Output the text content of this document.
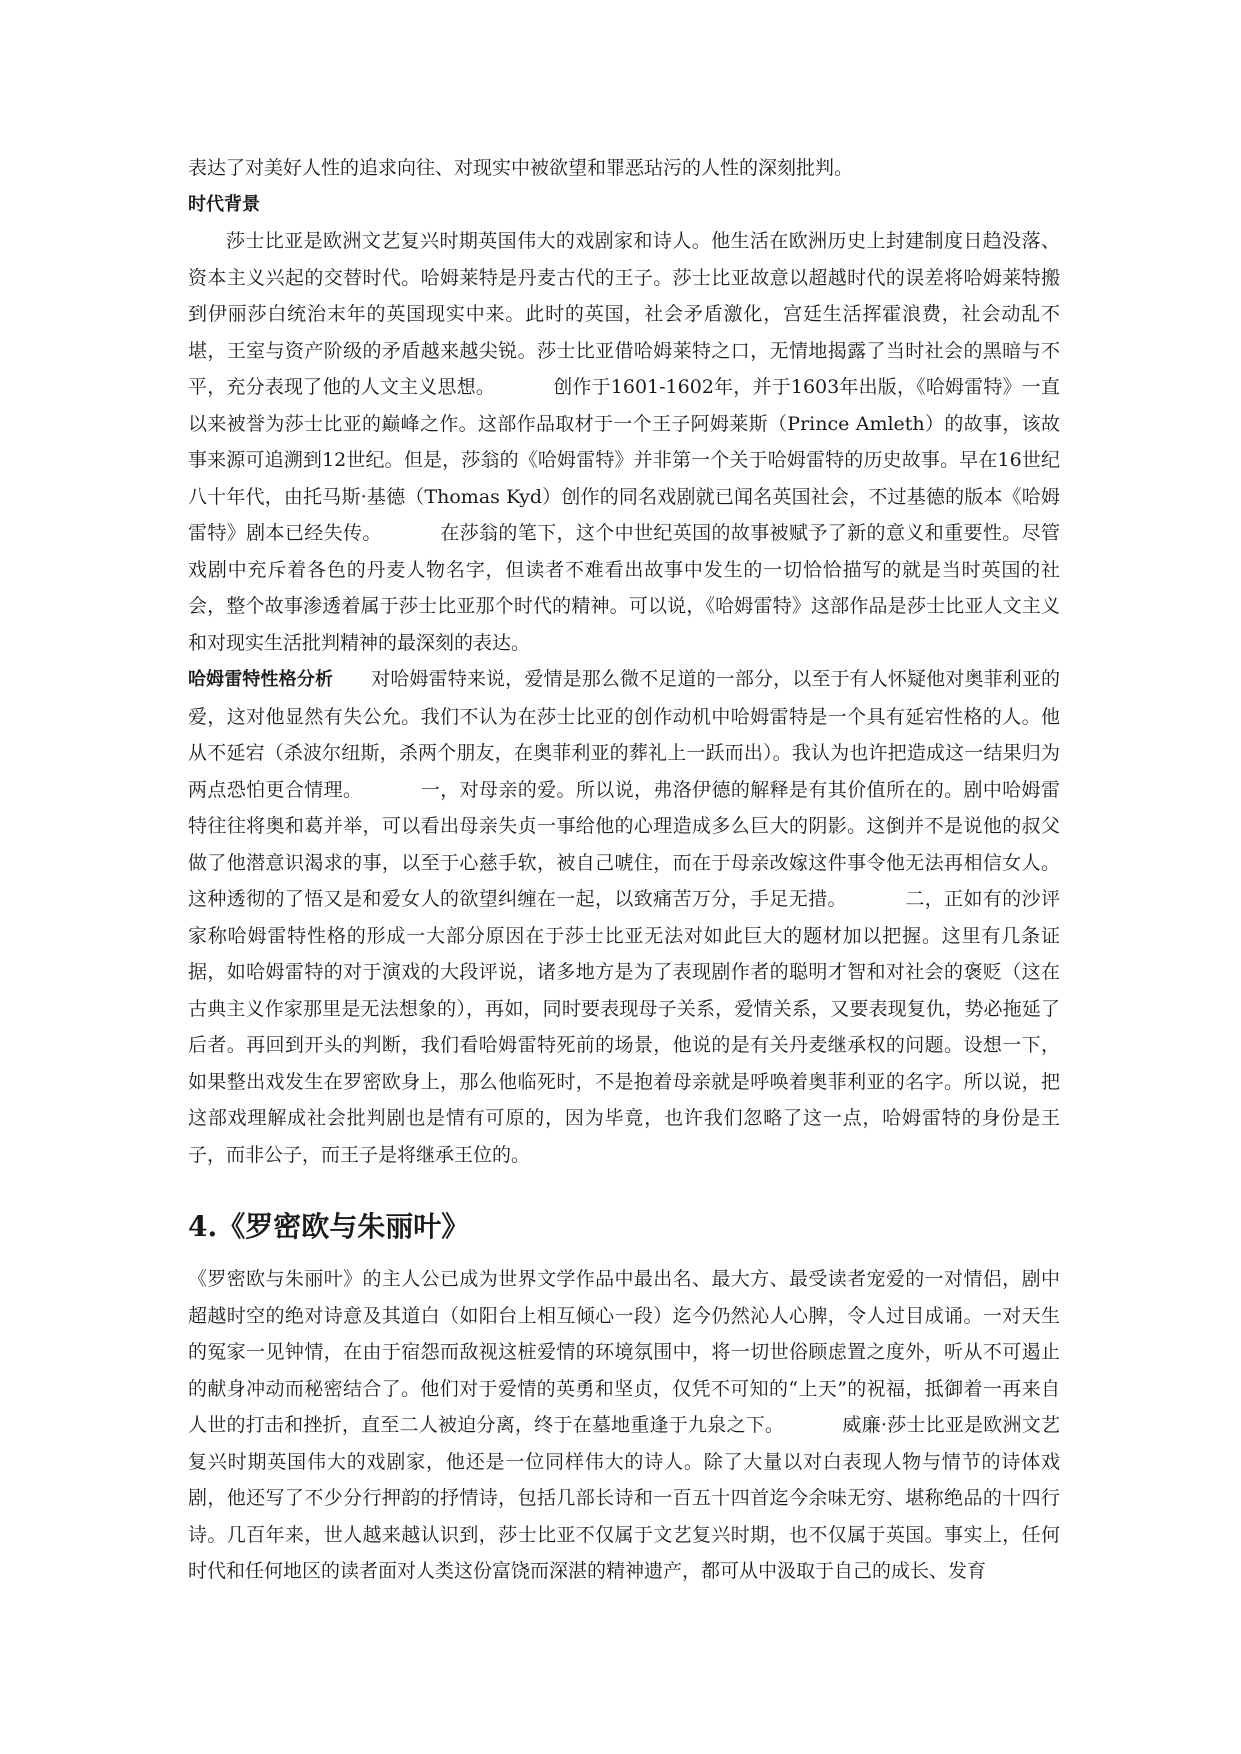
表达了对美好人性的追求向往、对现实中被欲望和罪恶玷污的人性的深刻批判。

时代背景

莎士比亚是欧洲文艺复兴时期英国伟大的戏剧家和诗人。他生活在欧洲历史上封建制度日趋没落、资本主义兴起的交替时代。哈姆莱特是丹麦古代的王子。莎士比亚故意以超越时代的误差将哈姆莱特搬到伊丽莎白统治末年的英国现实中来。此时的英国，社会矛盾激化，宫廷生活挥霍浪费，社会动乱不堪，王室与资产阶级的矛盾越来越尖锐。莎士比亚借哈姆莱特之口，无情地揭露了当时社会的黑暗与不平，充分表现了他的人文主义思想。	创作于1601-1602年，并于1603年出版，《哈姆雷特》一直以来被誉为莎士比亚的巅峰之作。这部作品取材于一个王子阿姆莱斯（Prince Amleth）的故事，该故事来源可追溯到12世纪。但是，莎翁的《哈姆雷特》并非第一个关于哈姆雷特的历史故事。早在16世纪八十年代，由托马斯·基德（Thomas Kyd）创作的同名戏剧就已闻名英国社会，不过基德的版本《哈姆雷特》剧本已经失传。	在莎翁的笔下，这个中世纪英国的故事被赋予了新的意义和重要性。尽管戏剧中充斥着各色的丹麦人物名字，但读者不难看出故事中发生的一切恰恰描写的就是当时英国的社会，整个故事渗透着属于莎士比亚那个时代的精神。可以说，《哈姆雷特》这部作品是莎士比亚人文主义和对现实生活批判精神的最深刻的表达。

哈姆雷特性格分析 对哈姆雷特来说，爱情是那么微不足道的一部分，以至于有人怀疑他对奥菲利亚的爱，这对他显然有失公允。我们不认为在莎士比亚的创作动机中哈姆雷特是一个具有延宕性格的人。他从不延宕（杀波尔纽斯，杀两个朋友，在奥菲利亚的葬礼上一跃而出）。我认为也许把造成这一结果归为两点恐怕更合情理。	一，对母亲的爱。所以说，弗洛伊德的解释是有其价值所在的。剧中哈姆雷特往往将奥和葛并举，可以看出母亲失贞一事给他的心理造成多么巨大的阴影。这倒并不是说他的叔父做了他潜意识渴求的事，以至于心慈手软，被自己唬住，而在于母亲改嫁这件事令他无法再相信女人。这种透彻的了悟又是和爱女人的欲望纠缠在一起，以致痛苦万分，手足无措。	二，正如有的沙评家称哈姆雷特性格的形成一大部分原因在于莎士比亚无法对如此巨大的题材加以把握。这里有几条证据，如哈姆雷特的对于演戏的大段评说，诸多地方是为了表现剧作者的聪明才智和对社会的褒贬（这在古典主义作家那里是无法想象的），再如，同时要表现母子关系，爱情关系，又要表现复仇，势必拖延了后者。再回到开头的判断，我们看哈姆雷特死前的场景，他说的是有关丹麦继承权的问题。设想一下，如果整出戏发生在罗密欧身上，那么他临死时，不是抱着母亲就是呼唤着奥菲利亚的名字。所以说，把这部戏理解成社会批判剧也是情有可原的，因为毕竟，也许我们忽略了这一点，哈姆雷特的身份是王子，而非公子，而王子是将继承王位的。

4.《罗密欧与朱丽叶》

《罗密欧与朱丽叶》的主人公已成为世界文学作品中最出名、最大方、最受读者宠爱的一对情侣，剧中超越时空的绝对诗意及其道白（如阳台上相互倾心一段）迄今仍然沁人心脾，令人过目成诵。一对天生的冤家一见钟情，在由于宿怨而敌视这桩爱情的环境氛围中，将一切世俗顾虑置之度外，听从不可遏止的献身冲动而秘密结合了。他们对于爱情的英勇和坚贞，仅凭不可知的“上天”的祝福，抵御着一再来自人世的打击和挫折，直至二人被迫分离，终于在墓地重逢于九泉之下。	威廉·莎士比亚是欧洲文艺复兴时期英国伟大的戏剧家，他还是一位同样伟大的诗人。除了大量以对白表现人物与情节的诗体戏剧，他还写了不少分行押韵的抒情诗，包括几部长诗和一百五十四首迄今余味无穷、堪称绝品的十四行诗。几百年来，世人越来越认识到，莎士比亚不仅属于文艺复兴时期，也不仅属于英国。事实上，任何时代和任何地区的读者面对人类这份富饶而深湛的精神遗产，都可从中汲取于自己的成长、发育
